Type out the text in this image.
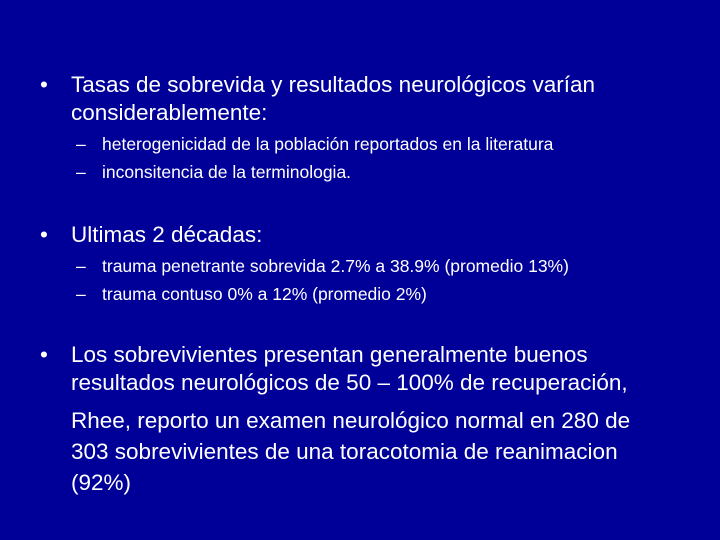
• Tasas de sobrevida y resultados neurológicos varían
considerablemente:
– heterogenicidad de la población reportados en la literatura
– inconsitencia de la terminologia.
• Ultimas 2 décadas:
– trauma penetrante sobrevida 2.7% a 38.9% (promedio 13%)
– trauma contuso 0% a 12% (promedio 2%)
• Los sobrevivientes presentan generalmente buenos
resultados neurológicos de 50 – 100% de recuperación,
Rhee, reporto un examen neurológico normal en 280 de
303 sobrevivientes de una toracotomia de reanimacion
(92%)
